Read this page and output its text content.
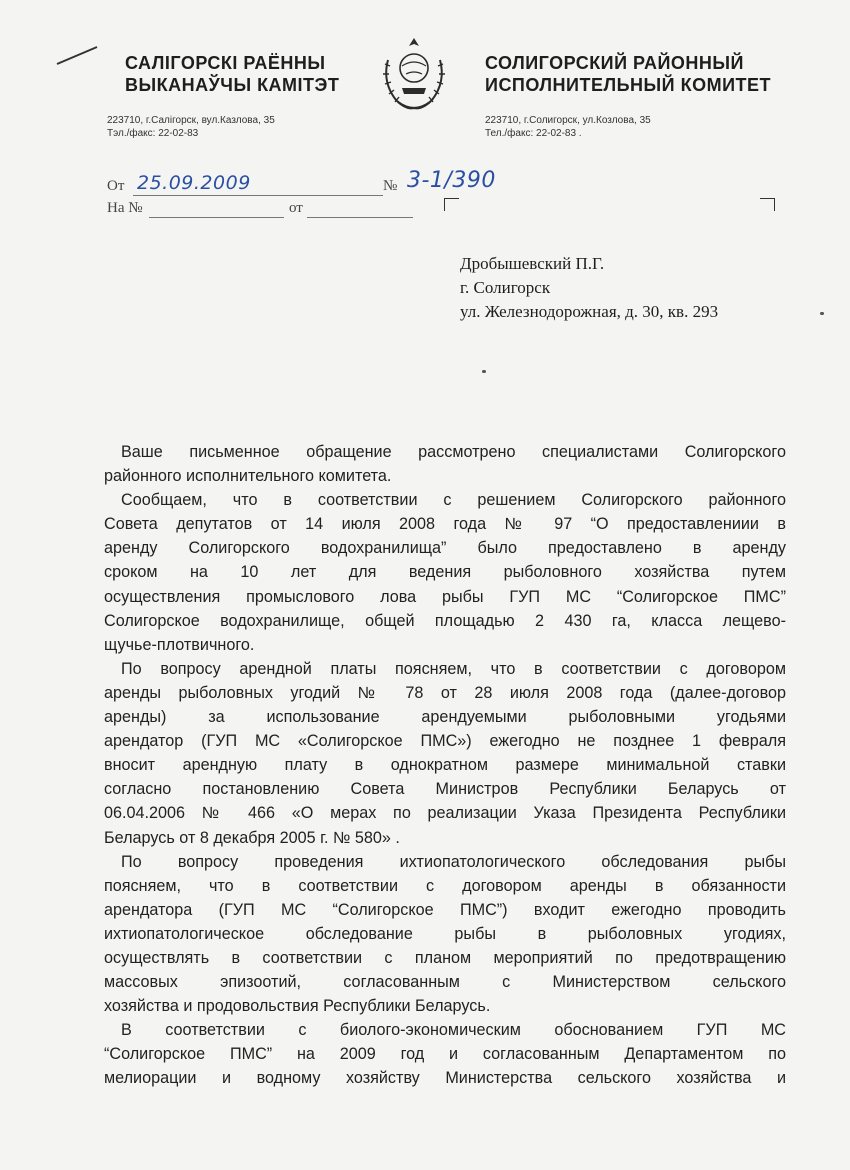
САЛІГОРСКІ РАЁННЫ
ВЫКАНАЎЧЫ КАМІТЭТ
223710, г.Салігорск, вул.Казлова, 35
Тэл./факс: 22-02-83
СОЛИГОРСКИЙ РАЙОННЫЙ
ИСПОЛНИТЕЛЬНЫЙ КОМИТЕТ
223710, г.Солигорск, ул.Козлова, 35
Тел./факс: 22-02-83 .
От 25.09.2009	№ 3-1/390
На №	от
Дробышевский П.Г.
г. Солигорск
ул. Железнодорожная, д. 30, кв. 293
Ваше письменное обращение рассмотрено специалистами Солигорского
районного исполнительного комитета.
Сообщаем, что в соответствии с решением Солигорского районного
Совета депутатов от 14 июля 2008 года № 97 “О предоставлениии в
аренду Солигорского водохранилища” было предоставлено в аренду
сроком на 10 лет для ведения рыболовного хозяйства путем
осуществления промыслового лова рыбы ГУП МС “Солигорское ПМС”
Солигорское водохранилище, общей площадью 2 430 га, класса лещево-
щучье-плотвичного.
По вопросу арендной платы поясняем, что в соответствии с договором
аренды рыболовных угодий № 78 от 28 июля 2008 года (далее-договор
аренды) за использование арендуемыми рыболовными угодьями
арендатор (ГУП МС «Солигорское ПМС») ежегодно не позднее 1 февраля
вносит арендную плату в однократном размере минимальной ставки
согласно постановлению Совета Министров Республики Беларусь от
06.04.2006 № 466 «О мерах по реализации Указа Президента Республики
Беларусь от 8 декабря 2005 г. № 580» .
По вопросу проведения ихтиопатологического обследования рыбы
поясняем, что в соответствии с договором аренды в обязанности
арендатора (ГУП МС “Солигорское ПМС”) входит ежегодно проводить
ихтиопатологическое обследование рыбы в рыболовных угодиях,
осуществлять в соответствии с планом мероприятий по предотвращению
массовых эпизоотий, согласованным с Министерством сельского
хозяйства и продовольствия Республики Беларусь.
В соответствии с биолого-экономическим обоснованием ГУП МС
“Солигорское ПМС” на 2009 год и согласованным Департаментом по
мелиорации и водному хозяйству Министерства сельского хозяйства и
